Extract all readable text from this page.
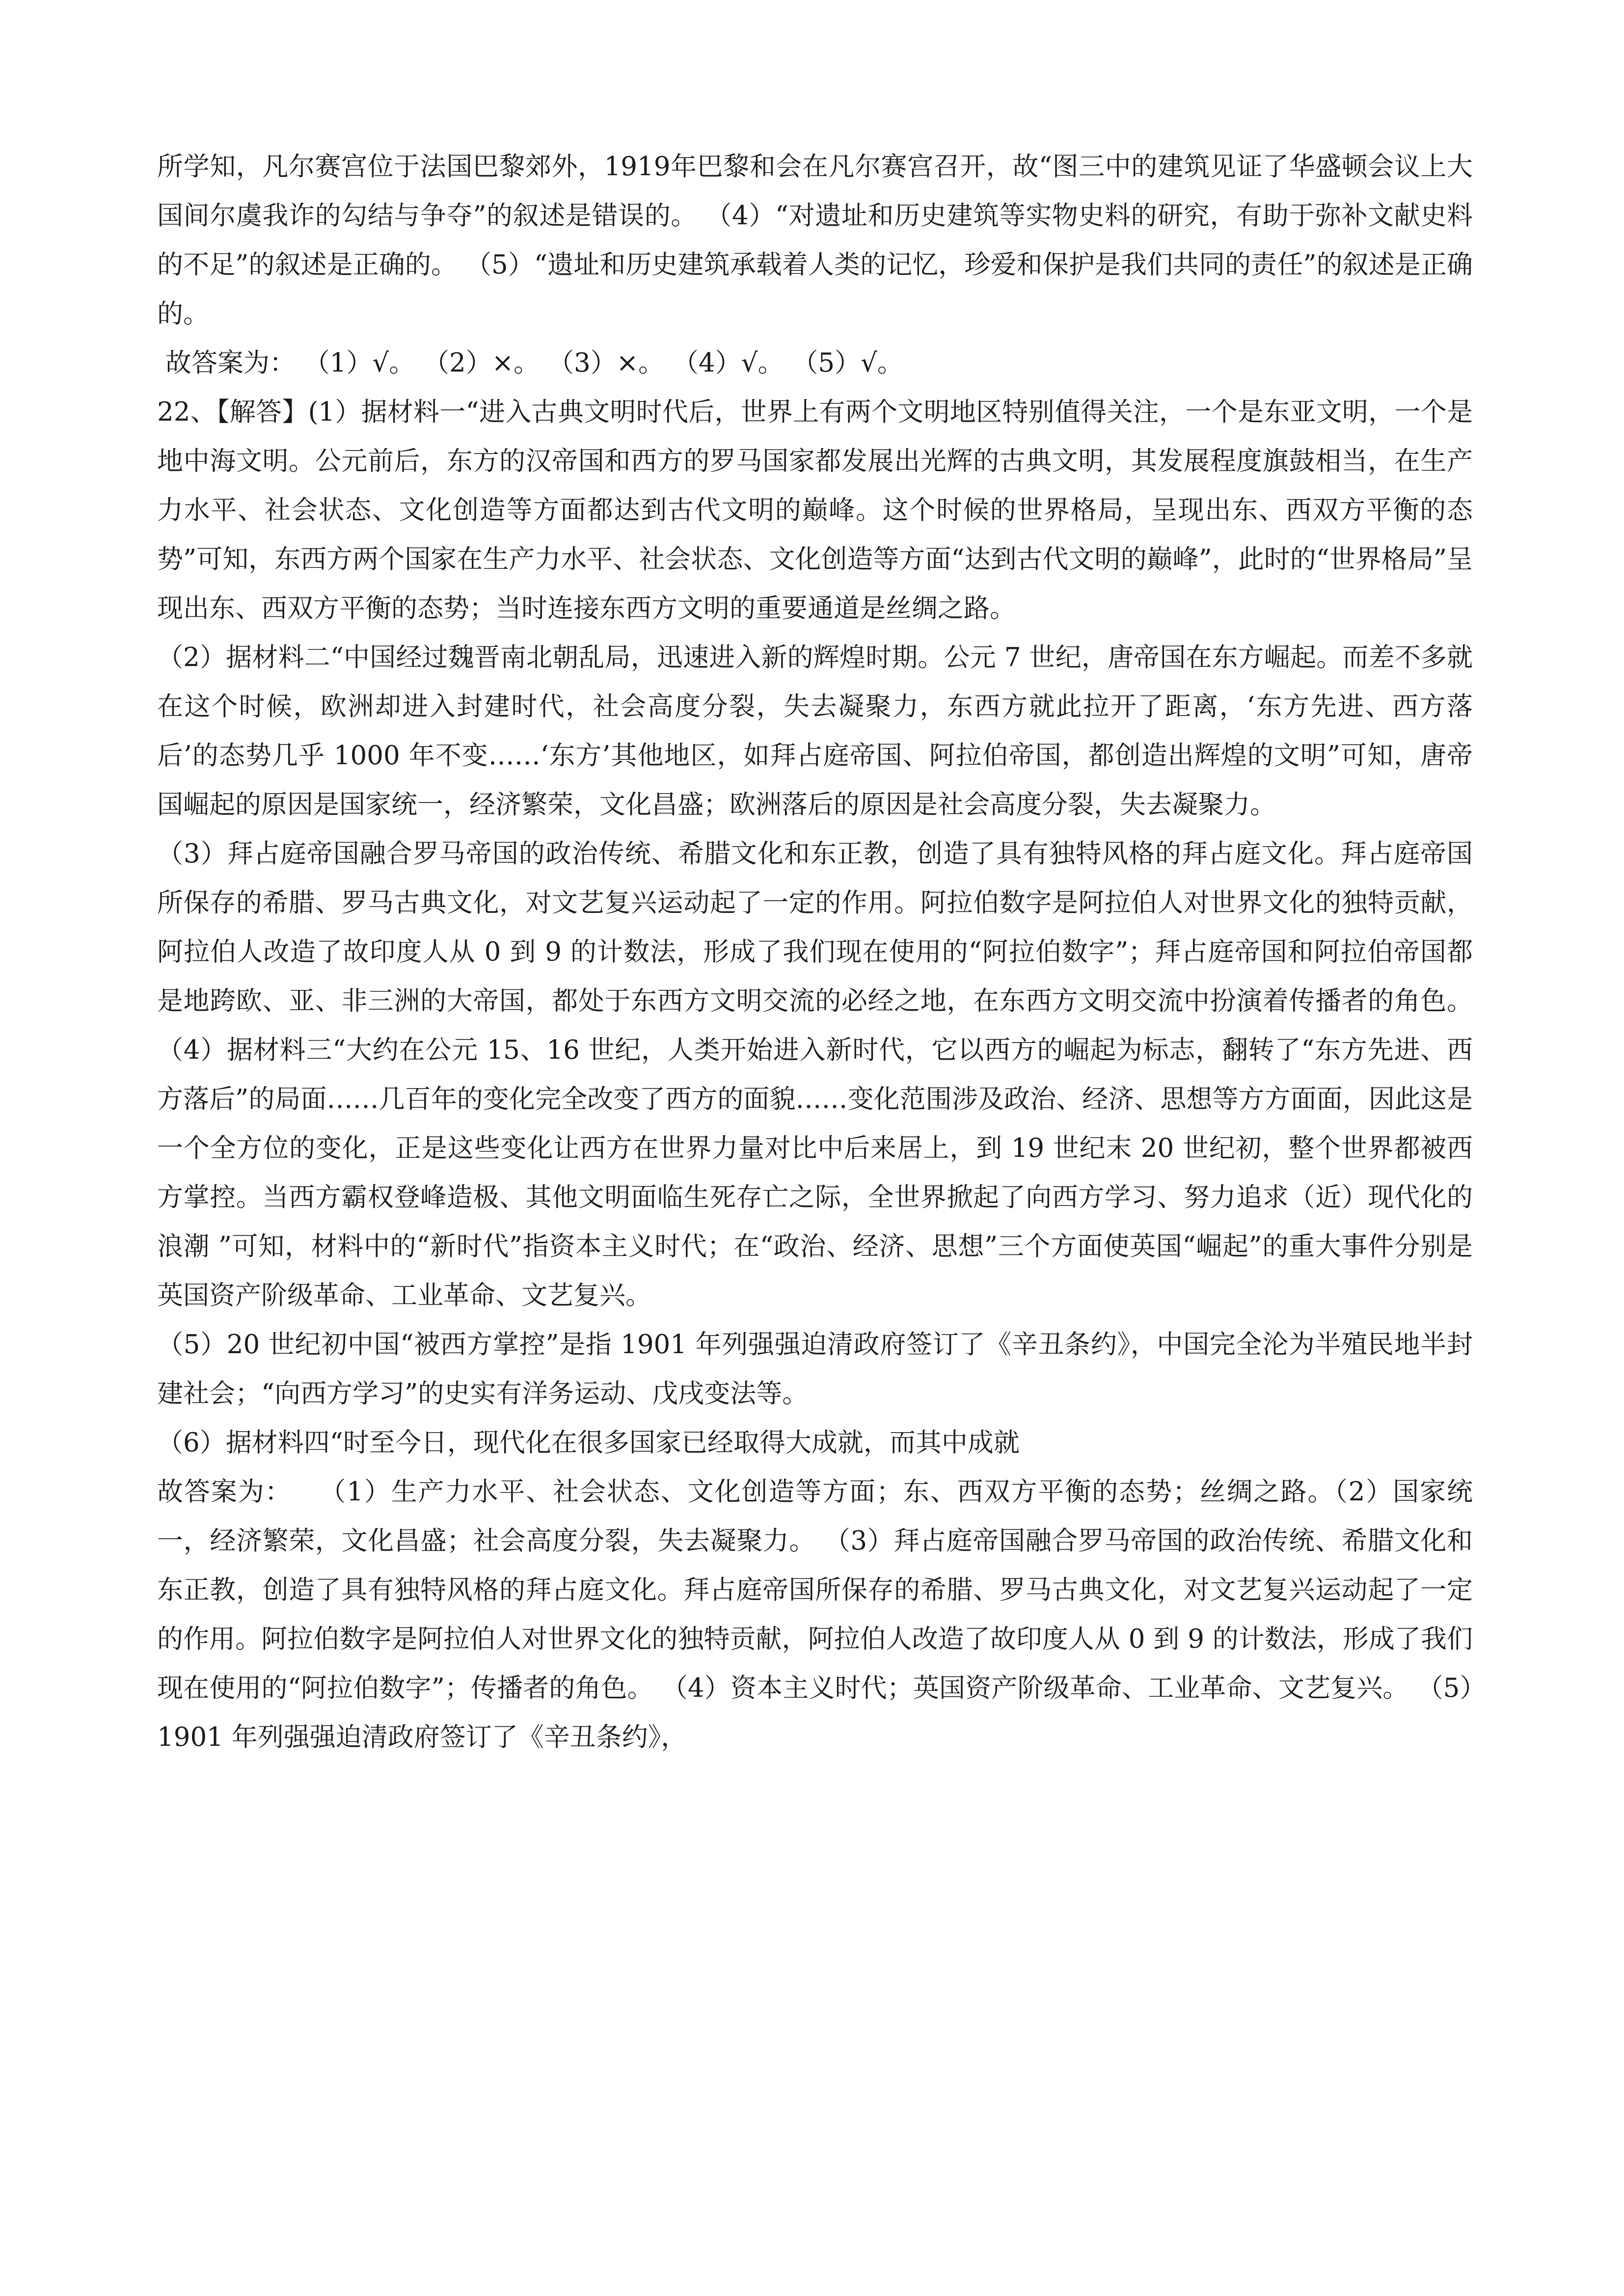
所学知，凡尔赛宫位于法国巴黎郊外，1919年巴黎和会在凡尔赛宫召开，故“图三中的建筑见证了华盛顿会议上大国间尔虞我诈的勾结与争夺”的叙述是错误的。 （4）“对遗址和历史建筑等实物史料的研究，有助于弥补文献史料的不足”的叙述是正确的。 （5）“遗址和历史建筑承载着人类的记忆，珍爱和保护是我们共同的责任”的叙述是正确的。

故答案为： （1）√。 （2）×。 （3）×。 （4）√。 （5）√。

22、【解答】(1）据材料一“进入古典文明时代后，世界上有两个文明地区特别值得关注，一个是东亚文明，一个是地中海文明。公元前后，东方的汉帝国和西方的罗马国家都发展出光辉的古典文明，其发展程度旗鼓相当，在生产力水平、社会状态、文化创造等方面都达到古代文明的巅峰。这个时候的世界格局，呈现出东、西双方平衡的态势”可知，东西方两个国家在生产力水平、社会状态、文化创造等方面“达到古代文明的巅峰”，此时的“世界格局”呈现出东、西双方平衡的态势；当时连接东西方文明的重要通道是丝绸之路。

（2）据材料二“中国经过魏晋南北朝乱局，迅速进入新的辉煌时期。公元 7 世纪，唐帝国在东方崛起。而差不多就在这个时候，欧洲却进入封建时代，社会高度分裂，失去凝聚力，东西方就此拉开了距离，‘东方先进、西方落后’的态势几乎 1000 年不变……‘东方’其他地区，如拜占庭帝国、阿拉伯帝国，都创造出辉煌的文明”可知，唐帝国崛起的原因是国家统一，经济繁荣，文化昌盛；欧洲落后的原因是社会高度分裂，失去凝聚力。

（3）拜占庭帝国融合罗马帝国的政治传统、希腊文化和东正教，创造了具有独特风格的拜占庭文化。拜占庭帝国所保存的希腊、罗马古典文化，对文艺复兴运动起了一定的作用。阿拉伯数字是阿拉伯人对世界文化的独特贡献，阿拉伯人改造了故印度人从 0 到 9 的计数法，形成了我们现在使用的“阿拉伯数字”；拜占庭帝国和阿拉伯帝国都是地跨欧、亚、非三洲的大帝国，都处于东西方文明交流的必经之地，在东西方文明交流中扮演着传播者的角色。 （4）据材料三“大约在公元 15、16 世纪，人类开始进入新时代，它以西方的崛起为标志，翻转了“东方先进、西方落后”的局面……几百年的变化完全改变了西方的面貌……变化范围涉及政治、经济、思想等方方面面，因此这是一个全方位的变化，正是这些变化让西方在世界力量对比中后来居上，到 19 世纪末 20 世纪初，整个世界都被西方掌控。当西方霸权登峰造极、其他文明面临生死存亡之际，全世界掀起了向西方学习、努力追求（近）现代化的浪潮 ”可知，材料中的“新时代”指资本主义时代；在“政治、经济、思想”三个方面使英国“崛起”的重大事件分别是英国资产阶级革命、工业革命、文艺复兴。

（5）20 世纪初中国“被西方掌控”是指 1901 年列强强迫清政府签订了《辛丑条约》，中国完全沦为半殖民地半封建社会；“向西方学习”的史实有洋务运动、戊戌变法等。

（6）据材料四“时至今日，现代化在很多国家已经取得大成就，而其中成就

故答案为：　　（1）生产力水平、社会状态、文化创造等方面；东、西双方平衡的态势；丝绸之路。（2）国家统一，经济繁荣，文化昌盛；社会高度分裂，失去凝聚力。 （3）拜占庭帝国融合罗马帝国的政治传统、希腊文化和东正教，创造了具有独特风格的拜占庭文化。拜占庭帝国所保存的希腊、罗马古典文化，对文艺复兴运动起了一定的作用。阿拉伯数字是阿拉伯人对世界文化的独特贡献，阿拉伯人改造了故印度人从 0 到 9 的计数法，形成了我们现在使用的“阿拉伯数字”；传播者的角色。 （4）资本主义时代；英国资产阶级革命、工业革命、文艺复兴。 （5）1901 年列强强迫清政府签订了《辛丑条约》，
